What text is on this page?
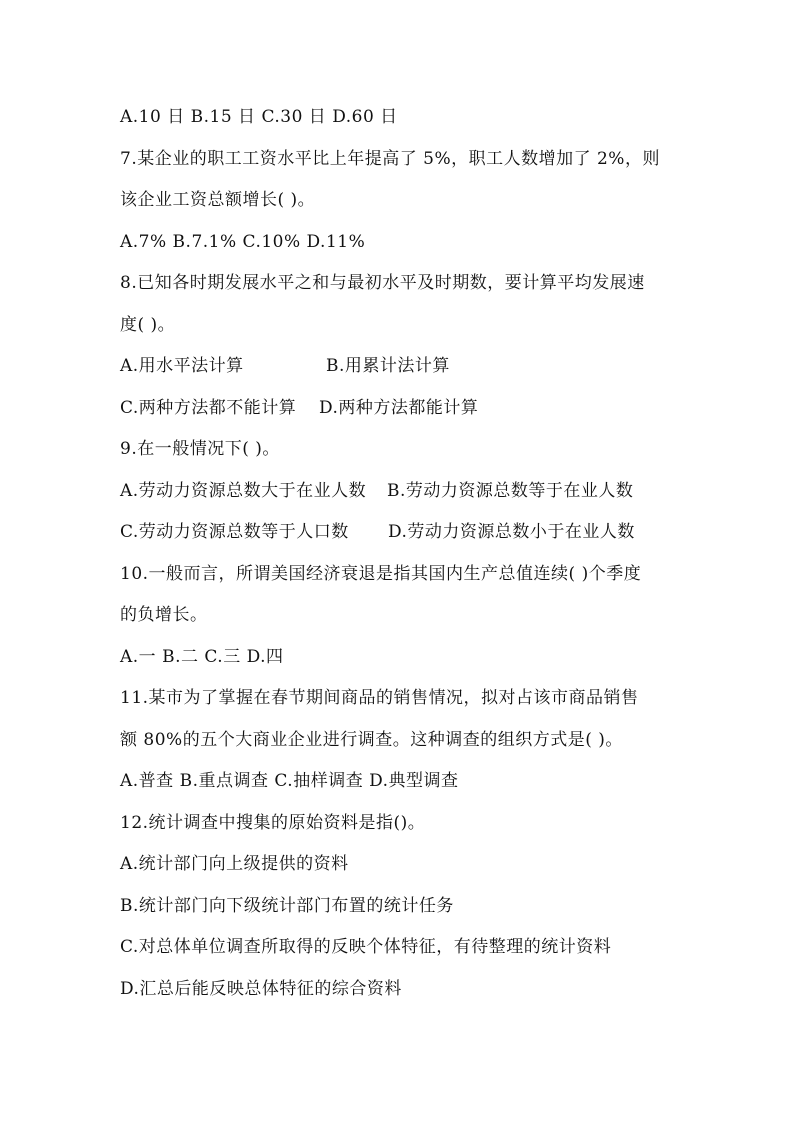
A.10 日 B.15 日 C.30 日 D.60 日
7.某企业的职工工资水平比上年提高了 5%，职工人数增加了 2%，则
该企业工资总额增长( )。
A.7% B.7.1% C.10% D.11%
8.已知各时期发展水平之和与最初水平及时期数，要计算平均发展速
度( )。
A.用水平法计算	B.用累计法计算
C.两种方法都不能计算 D.两种方法都能计算
9.在一般情况下( )。
A.劳动力资源总数大于在业人数 B.劳动力资源总数等于在业人数
C.劳动力资源总数等于人口数 D.劳动力资源总数小于在业人数
10.一般而言，所谓美国经济衰退是指其国内生产总值连续( )个季度
的负增长。
A.一 B.二 C.三 D.四
11.某市为了掌握在春节期间商品的销售情况，拟对占该市商品销售
额 80%的五个大商业企业进行调查。这种调查的组织方式是( )。
A.普查 B.重点调查 C.抽样调查 D.典型调查
12.统计调查中搜集的原始资料是指()。
A.统计部门向上级提供的资料
B.统计部门向下级统计部门布置的统计任务
C.对总体单位调查所取得的反映个体特征，有待整理的统计资料
D.汇总后能反映总体特征的综合资料
